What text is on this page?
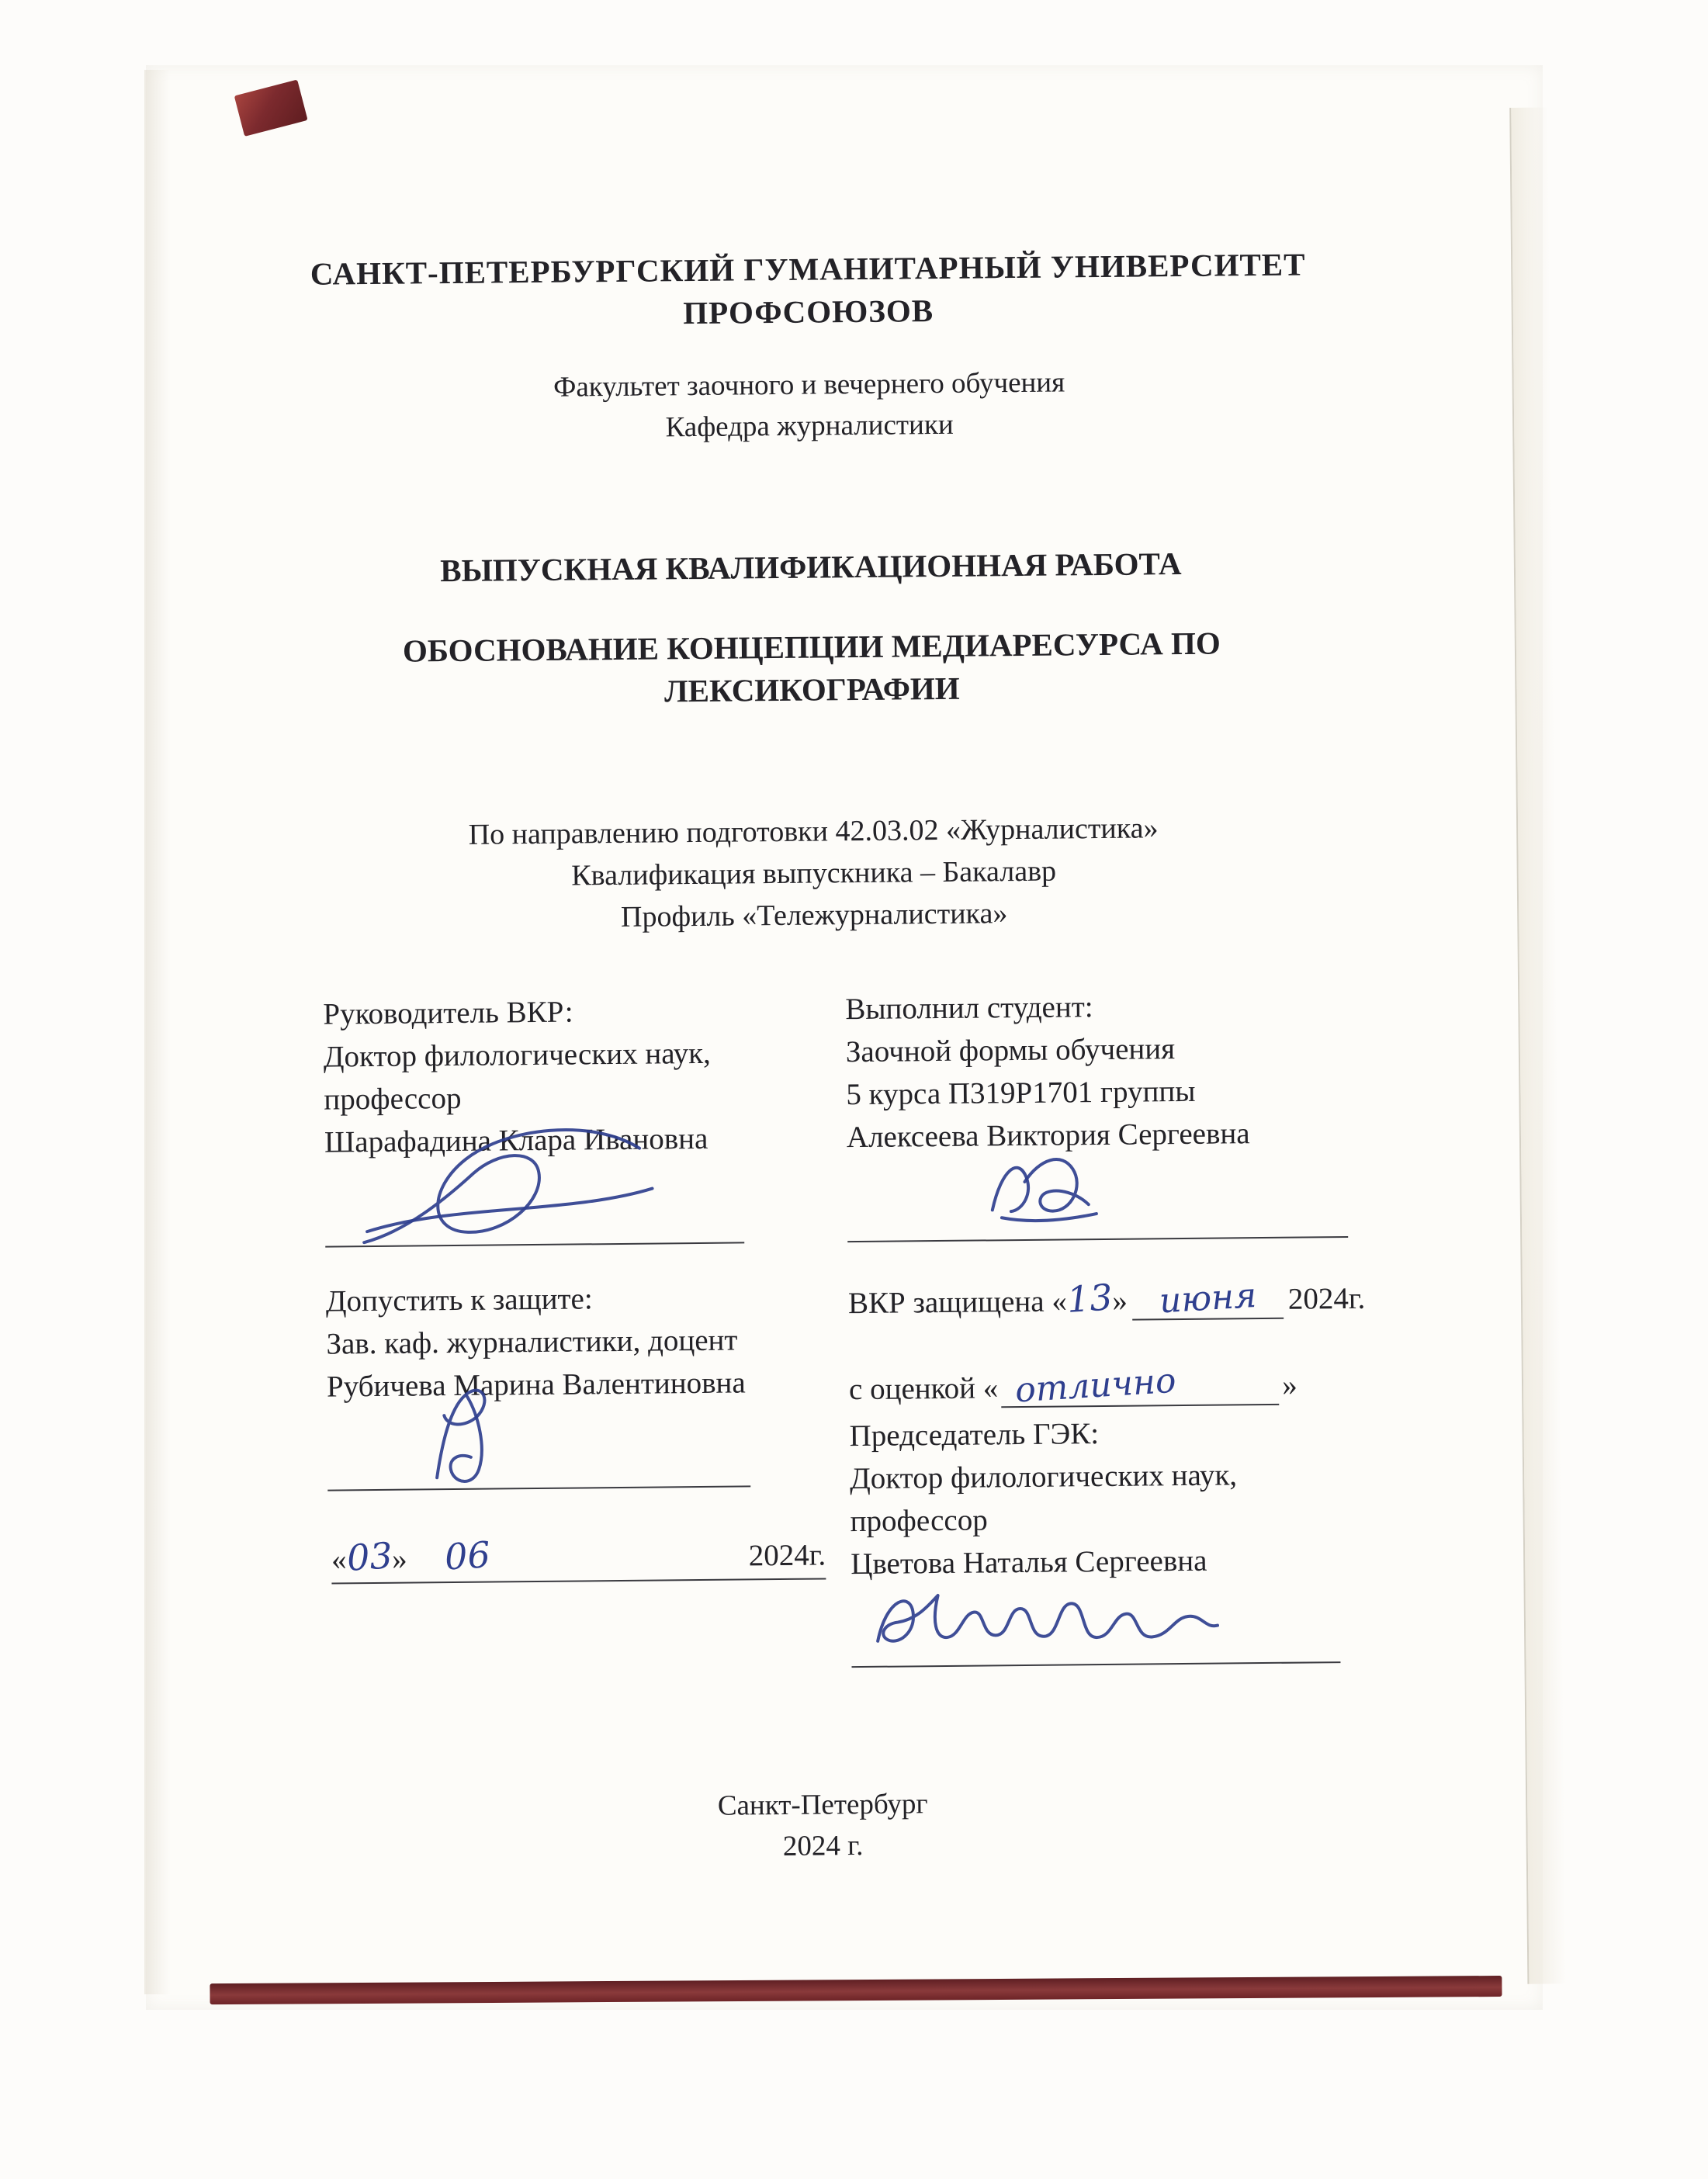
САНКТ-ПЕТЕРБУРГСКИЙ ГУМАНИТАРНЫЙ УНИВЕРСИТЕТ
ПРОФСОЮЗОВ
Факультет заочного и вечернего обучения
Кафедра журналистики
ВЫПУСКНАЯ КВАЛИФИКАЦИОННАЯ РАБОТА
ОБОСНОВАНИЕ КОНЦЕПЦИИ МЕДИАРЕСУРСА ПО
ЛЕКСИКОГРАФИИ
По направлению подготовки 42.03.02 «Журналистика»
Квалификация выпускника – Бакалавр
Профиль «Тележурналистика»
Руководитель ВКР:
Доктор филологических наук,
профессор
Шарафадина Клара Ивановна
Выполнил студент:
Заочной формы обучения
5 курса П319Р1701 группы
Алексеева Виктория Сергеевна
Допустить к защите:
Зав. каф. журналистики, доцент
Рубичева Марина Валентиновна
ВКР защищена «
13
» июня	2024г.
с оценкой « отлично	»
Председатель ГЭК:
Доктор филологических наук,
профессор
Цветова Наталья Сергеевна
«
03
» 06	2024г.
Санкт-Петербург
2024 г.
